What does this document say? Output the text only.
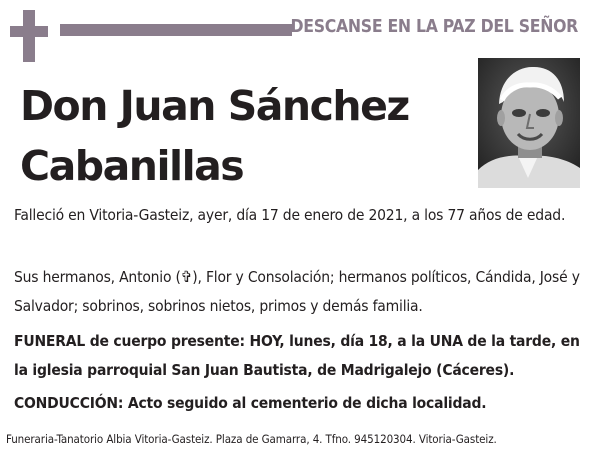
DESCANSE EN LA PAZ DEL SEÑOR
Don Juan Sánchez
Cabanillas

Falleció en Vitoria-Gasteiz, ayer, día 17 de enero de 2021, a los 77 años de edad.

Sus hermanos, Antonio (✞), Flor y Consolación; hermanos políticos, Cándida, José y Salvador; sobrinos, sobrinos nietos, primos y demás familia.

FUNERAL de cuerpo presente: HOY, lunes, día 18, a la UNA de la tarde, en la iglesia parroquial San Juan Bautista, de Madrigalejo (Cáceres).

CONDUCCIÓN: Acto seguido al cementerio de dicha localidad.

Funeraria-Tanatorio Albia Vitoria-Gasteiz. Plaza de Gamarra, 4. Tfno. 945120304. Vitoria-Gasteiz.
